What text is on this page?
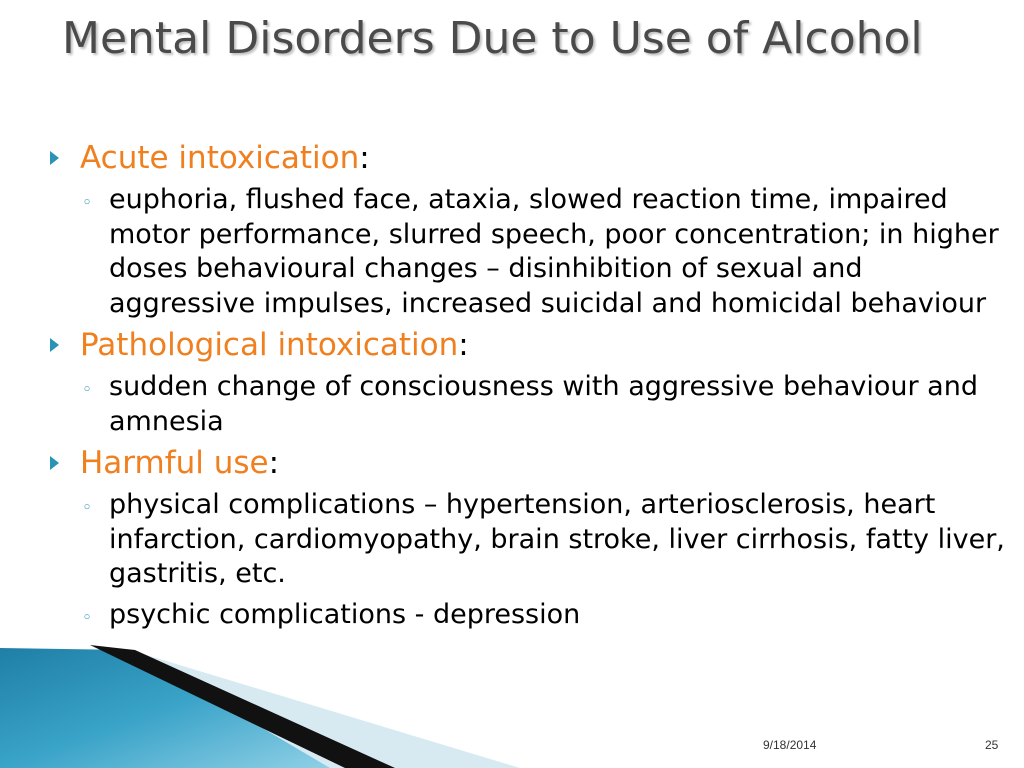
Mental Disorders Due to Use of Alcohol

Acute intoxication:

◦ euphoria, flushed face, ataxia, slowed reaction time, impaired motor performance, slurred speech, poor concentration; in higher doses behavioural changes – disinhibition of sexual and aggressive impulses, increased suicidal and homicidal behaviour

Pathological intoxication:

◦ sudden change of consciousness with aggressive behaviour and amnesia

Harmful use:

◦ physical complications – hypertension, arteriosclerosis, heart infarction, cardiomyopathy, brain stroke, liver cirrhosis, fatty liver, gastritis, etc.

◦ psychic complications - depression

9/18/2014	25
